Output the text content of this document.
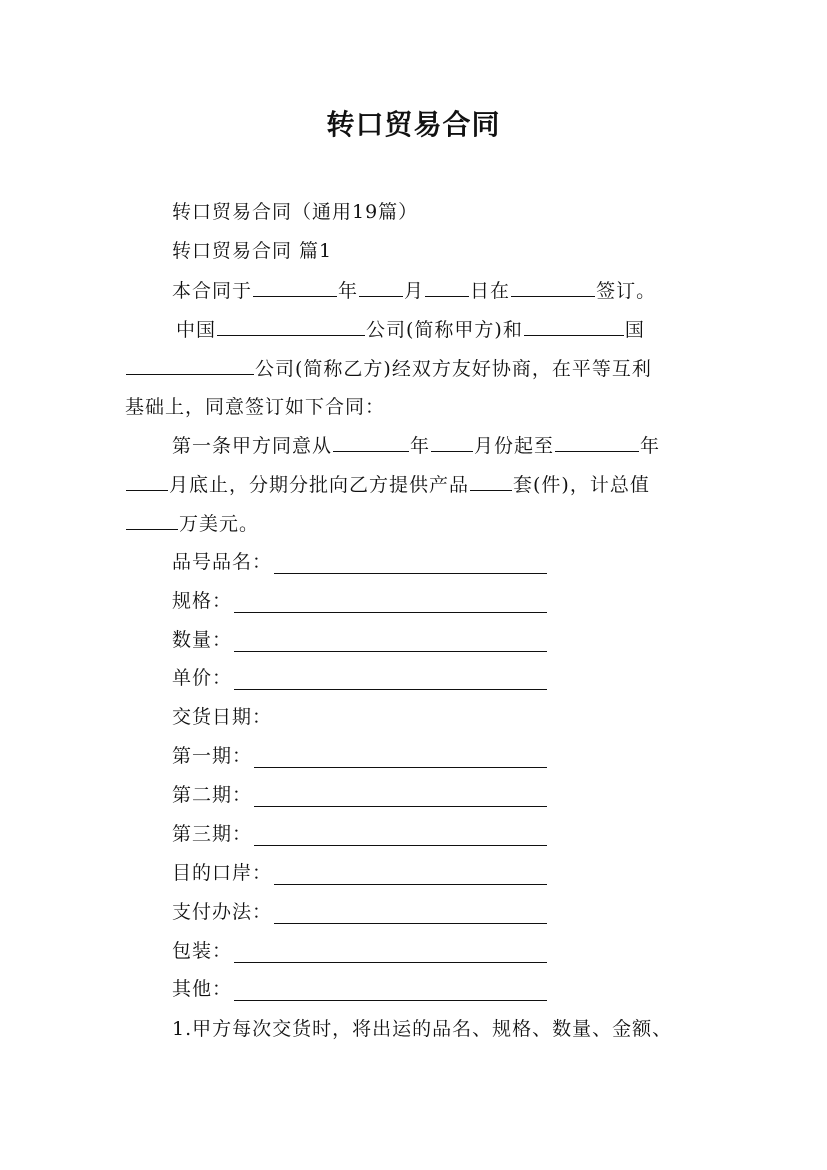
转口贸易合同
转口贸易合同（通用19篇）
转口贸易合同 篇1
本合同于	年 月 日在	签订。
中国	公司(简称甲方)和	国
公司(简称乙方)经双方友好协商，在平等互利
基础上，同意签订如下合同：
第一条甲方同意从	年 月份起至	年
月底止，分期分批向乙方提供产品 套(件)，计总值
万美元。
品号品名：
规格：
数量：
单价：
交货日期：
第一期：
第二期：
第三期：
目的口岸：
支付办法：
包装：
其他：
1.甲方每次交货时，将出运的品名、规格、数量、金额、
